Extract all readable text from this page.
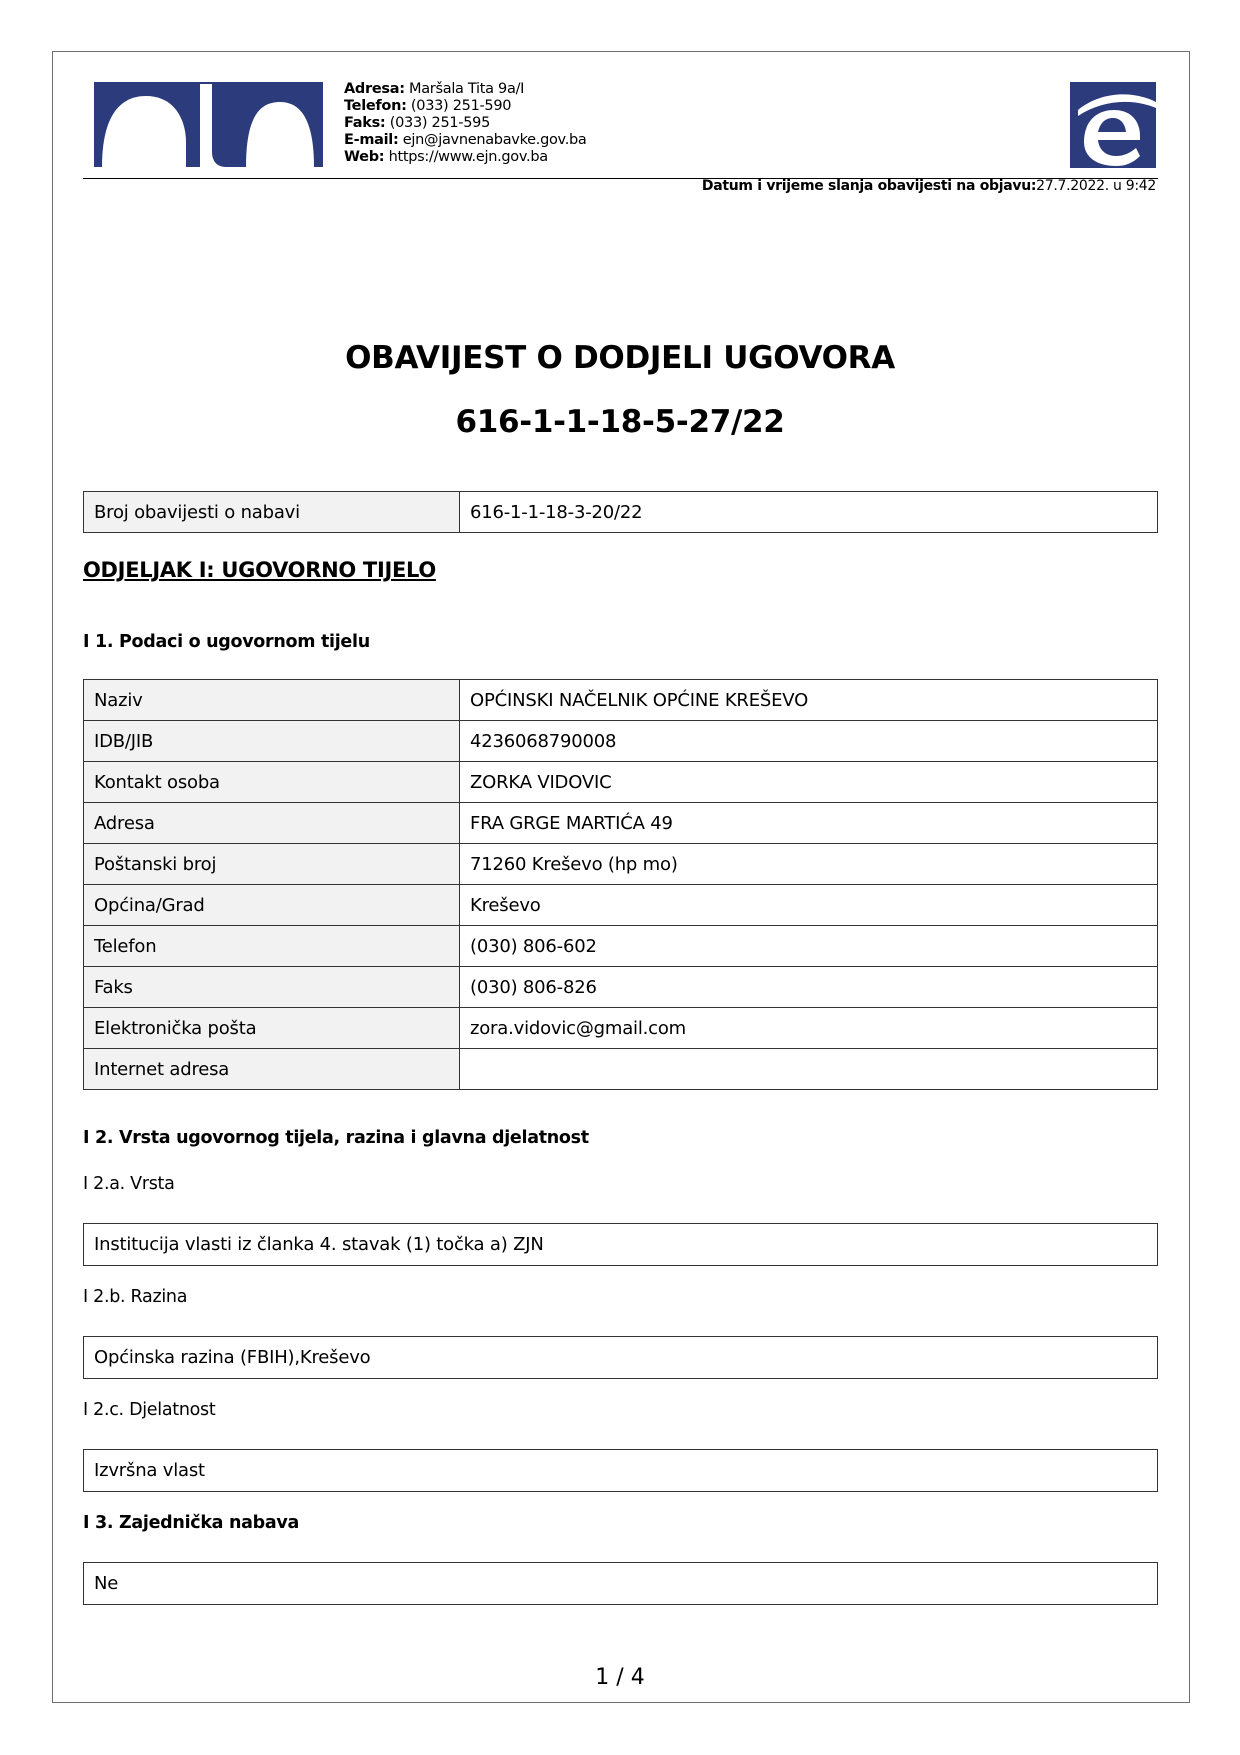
Adresa: Maršala Tita 9a/I
Telefon: (033) 251-590
Faks: (033) 251-595
E-mail: ejn@javnenabavke.gov.ba
Web: https://www.ejn.gov.ba
Datum i vrijeme slanja obavijesti na objavu:27.7.2022. u 9:42
OBAVIJEST O DODJELI UGOVORA
616-1-1-18-5-27/22
Broj obavijesti o nabavi	616-1-1-18-3-20/22
ODJELJAK I: UGOVORNO TIJELO
I 1. Podaci o ugovornom tijelu
Naziv	OPĆINSKI NAČELNIK OPĆINE KREŠEVO
IDB/JIB	4236068790008
Kontakt osoba	ZORKA VIDOVIC
Adresa	FRA GRGE MARTIĆA 49
Poštanski broj	71260 Kreševo (hp mo)
Općina/Grad	Kreševo
Telefon	(030) 806-602
Faks	(030) 806-826
Elektronička pošta	zora.vidovic@gmail.com
Internet adresa	
I 2. Vrsta ugovornog tijela, razina i glavna djelatnost
I 2.a. Vrsta
Institucija vlasti iz članka 4. stavak (1) točka a) ZJN
I 2.b. Razina
Općinska razina (FBIH),Kreševo
I 2.c. Djelatnost
Izvršna vlast
I 3. Zajednička nabava
Ne
1 / 4
